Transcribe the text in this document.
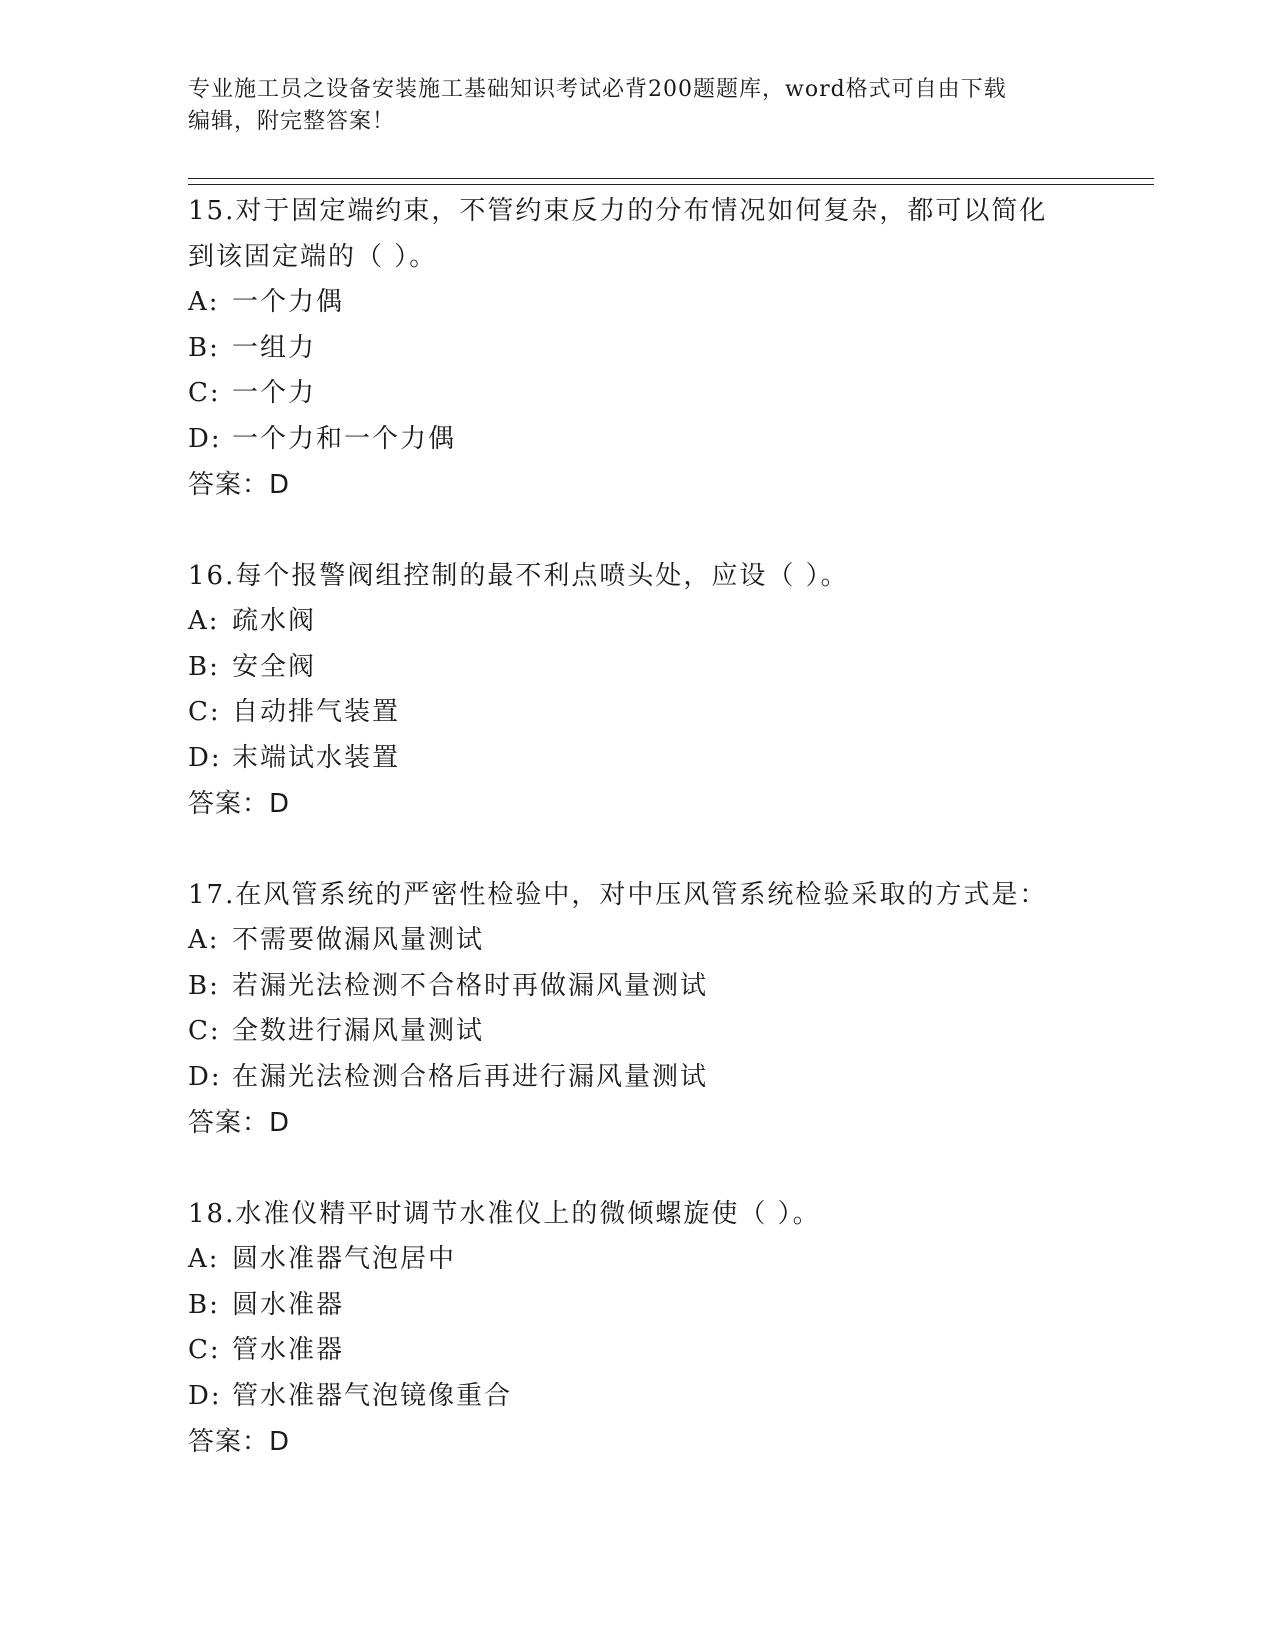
专业施工员之设备安装施工基础知识考试必背200题题库，word格式可自由下载
编辑，附完整答案！

15.对于固定端约束，不管约束反力的分布情况如何复杂，都可以简化

到该固定端的（ ）。

A: 一个力偶

B: 一组力

C: 一个力

D: 一个力和一个力偶

答案：D

16.每个报警阀组控制的最不利点喷头处，应设（ ）。

A: 疏水阀

B: 安全阀

C: 自动排气装置

D: 末端试水装置

答案：D

17.在风管系统的严密性检验中，对中压风管系统检验采取的方式是：

A: 不需要做漏风量测试

B: 若漏光法检测不合格时再做漏风量测试

C: 全数进行漏风量测试

D: 在漏光法检测合格后再进行漏风量测试

答案：D

18.水准仪精平时调节水准仪上的微倾螺旋使（ ）。

A: 圆水准器气泡居中

B: 圆水准器

C: 管水准器

D: 管水准器气泡镜像重合

答案：D
